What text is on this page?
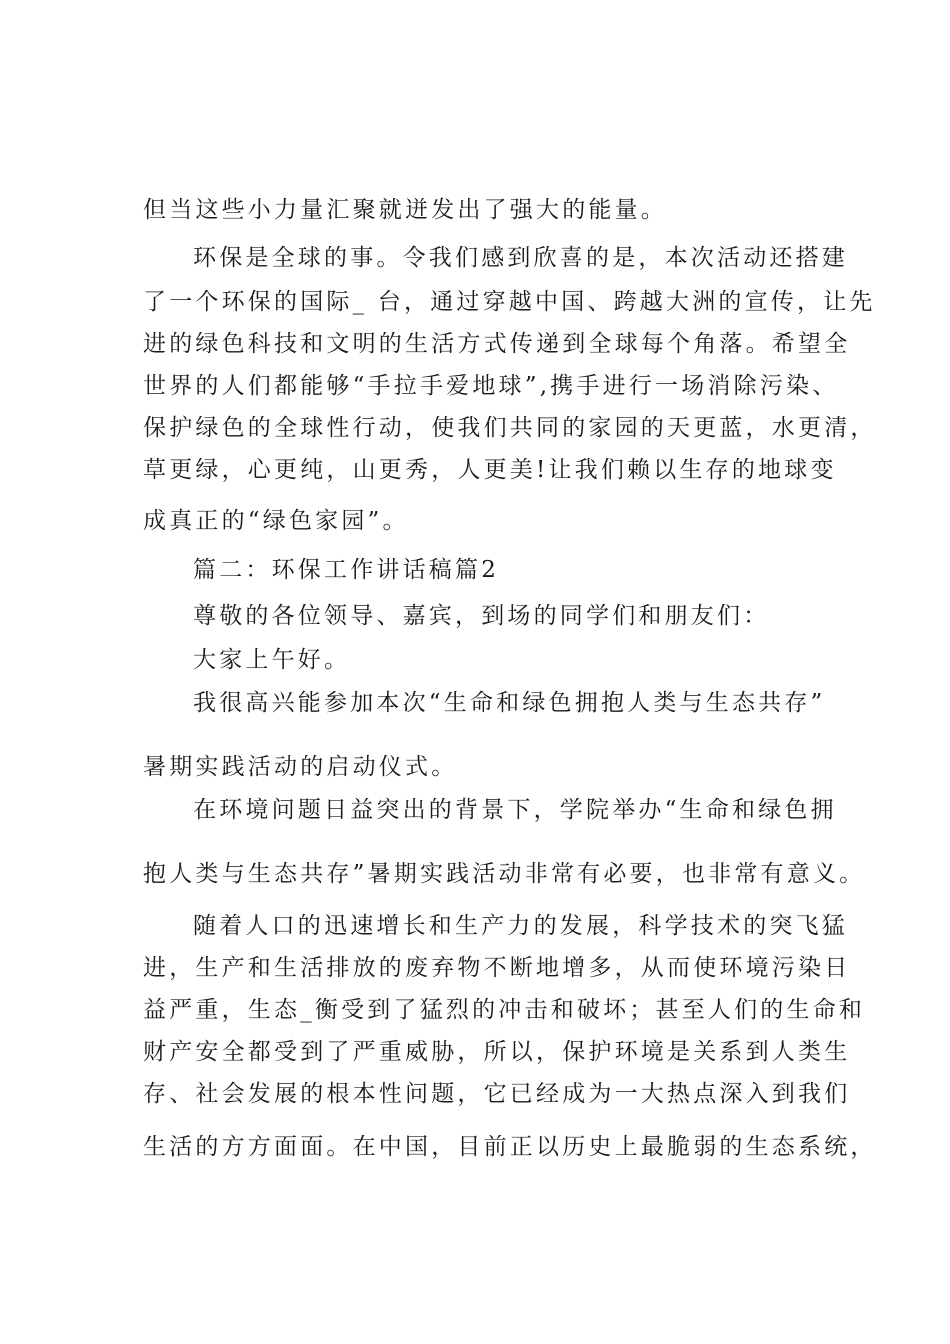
但当这些小力量汇聚就迸发出了强大的能量。
环保是全球的事。令我们感到欣喜的是，本次活动还搭建
了一个环保的国际_ 台，通过穿越中国、跨越大洲的宣传，让先
进的绿色科技和文明的生活方式传递到全球每个角落。希望全
世界的人们都能够“手拉手爱地球”,携手进行一场消除污染、
保护绿色的全球性行动，使我们共同的家园的天更蓝，水更清，
草更绿，心更纯，山更秀，人更美!让我们赖以生存的地球变
成真正的“绿色家园”。
篇二：环保工作讲话稿篇2
尊敬的各位领导、嘉宾，到场的同学们和朋友们：
大家上午好。
我很高兴能参加本次“生命和绿色拥抱人类与生态共存”
暑期实践活动的启动仪式。
在环境问题日益突出的背景下，学院举办“生命和绿色拥
抱人类与生态共存”暑期实践活动非常有必要，也非常有意义。
随着人口的迅速增长和生产力的发展，科学技术的突飞猛
进，生产和生活排放的废弃物不断地增多，从而使环境污染日
益严重，生态_衡受到了猛烈的冲击和破坏；甚至人们的生命和
财产安全都受到了严重威胁，所以，保护环境是关系到人类生
存、社会发展的根本性问题，它已经成为一大热点深入到我们
生活的方方面面。在中国，目前正以历史上最脆弱的生态系统，
